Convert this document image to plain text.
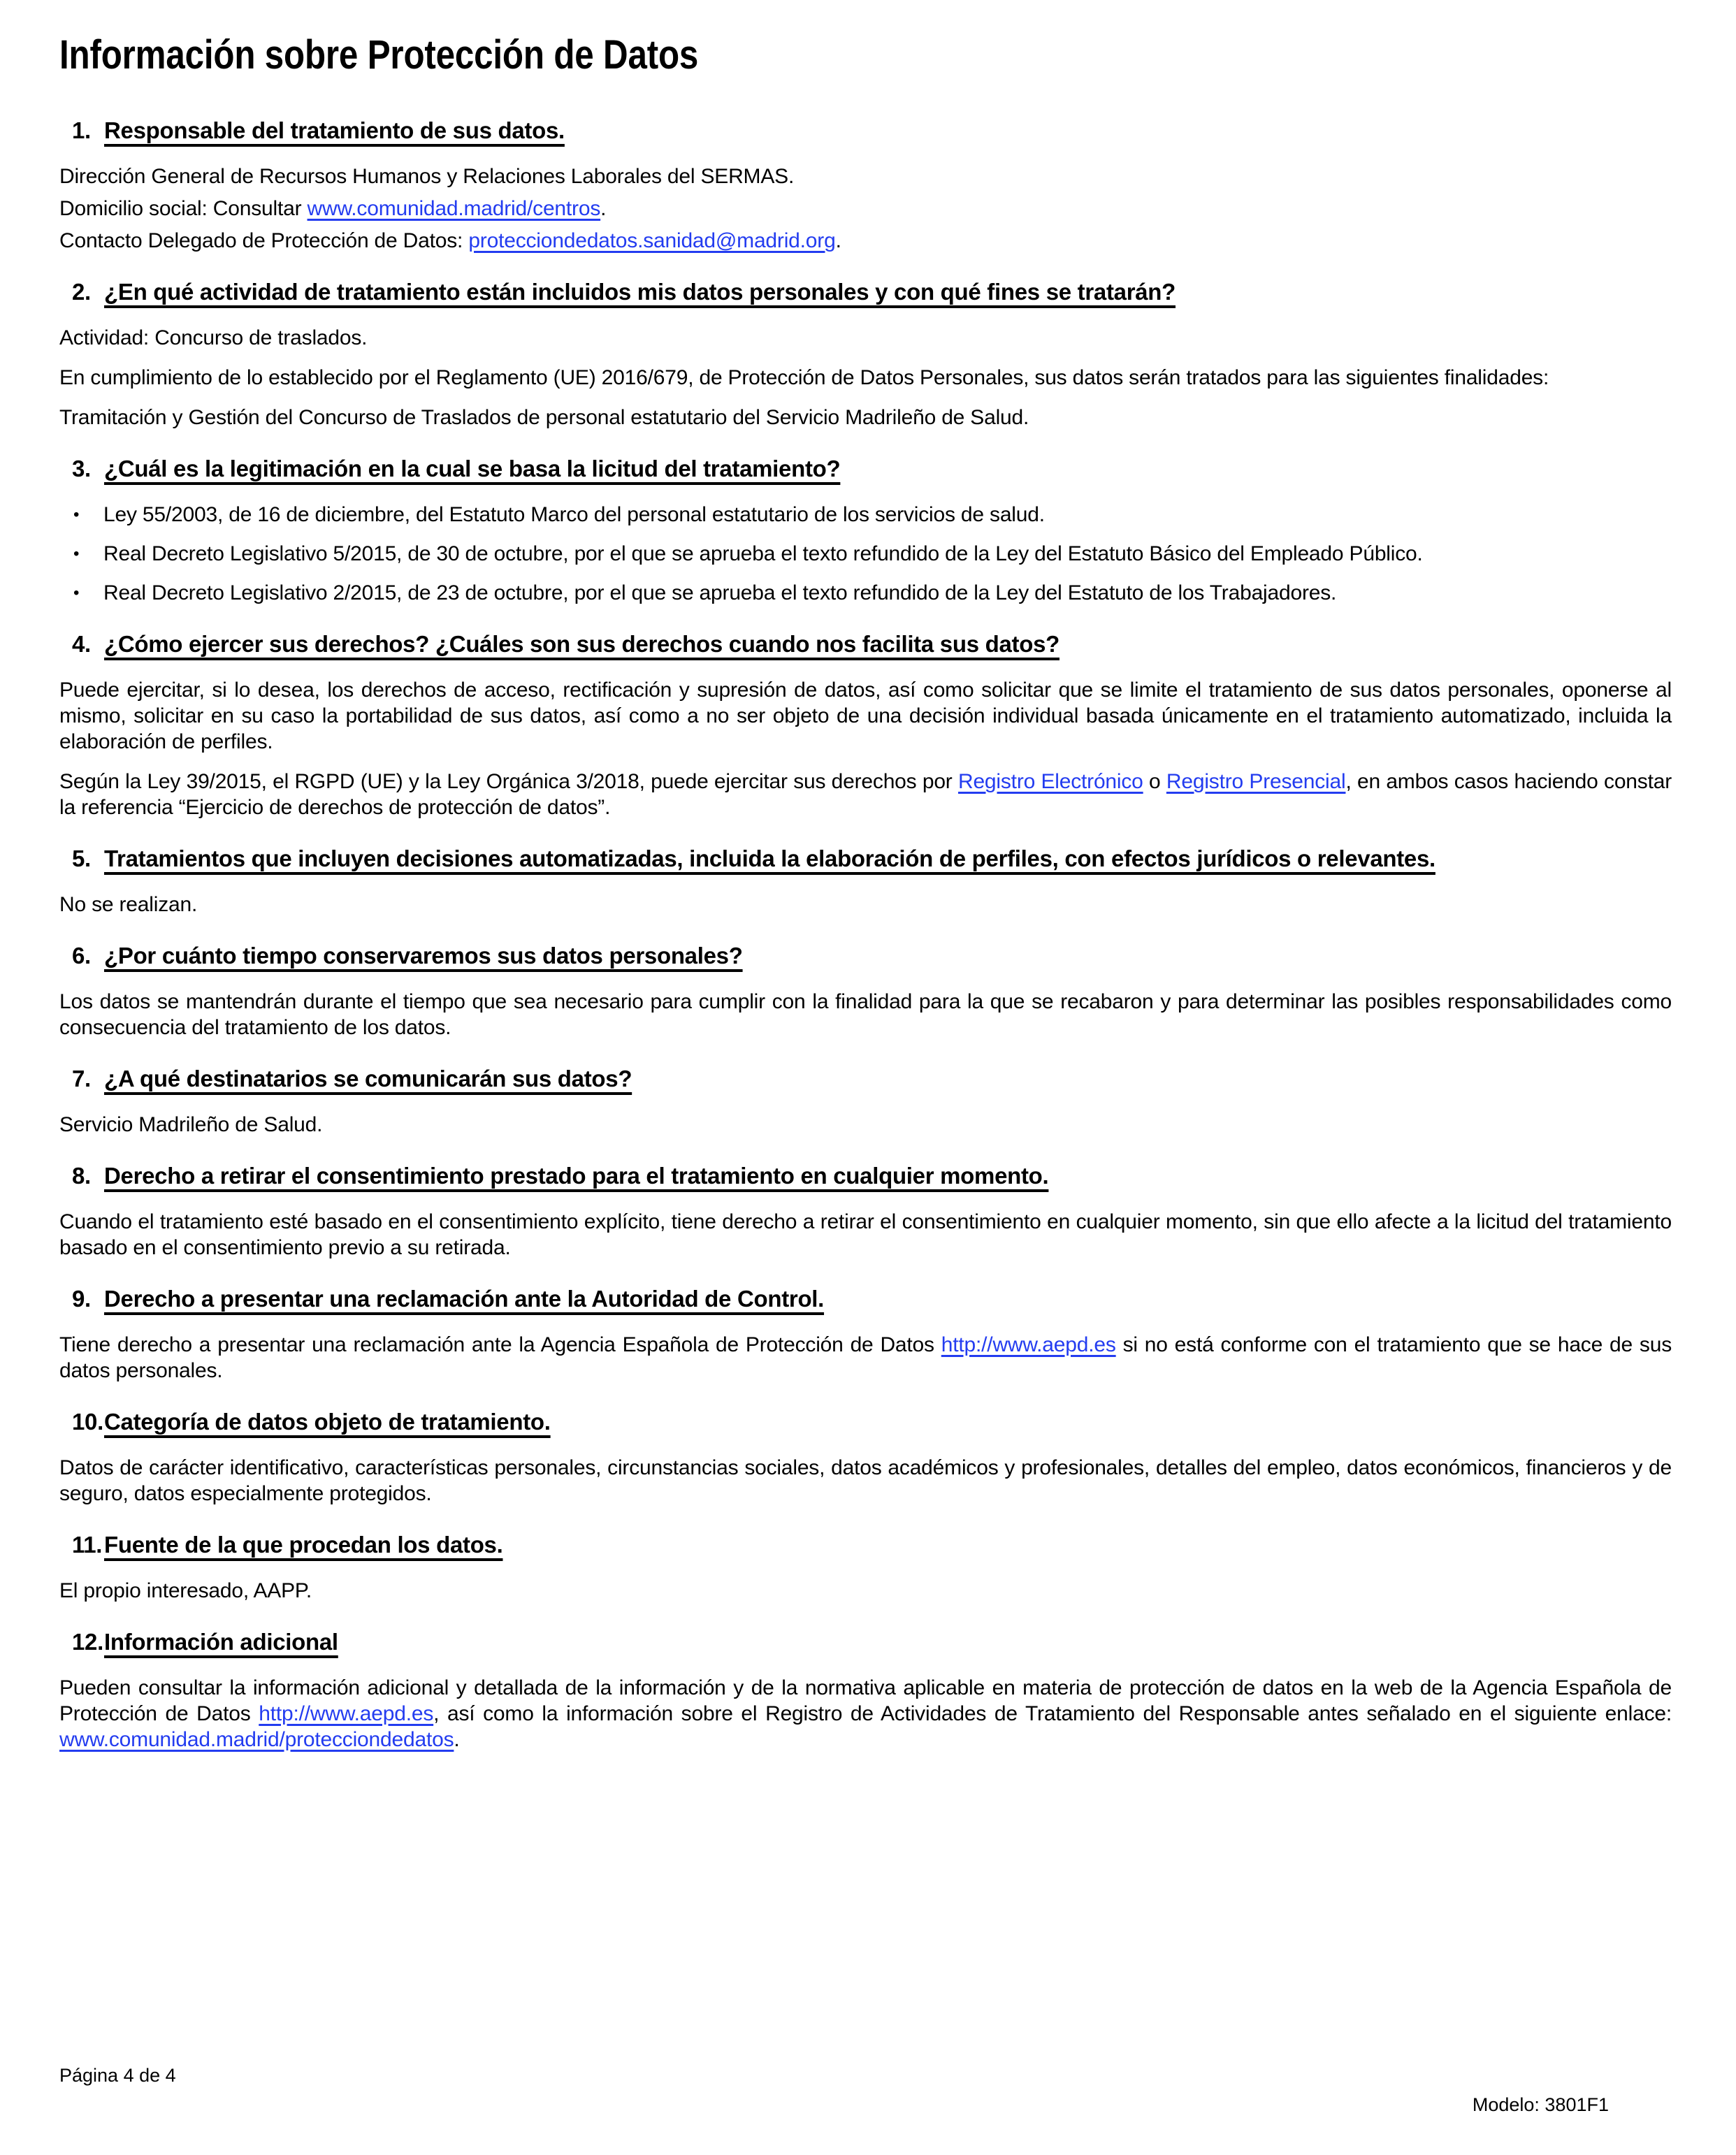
Información sobre Protección de Datos
1. Responsable del tratamiento de sus datos.

Dirección General de Recursos Humanos y Relaciones Laborales del SERMAS.

Domicilio social: Consultar www.comunidad.madrid/centros.

Contacto Delegado de Protección de Datos: protecciondedatos.sanidad@madrid.org.

2. ¿En qué actividad de tratamiento están incluidos mis datos personales y con qué fines se tratarán?

Actividad: Concurso de traslados.

En cumplimiento de lo establecido por el Reglamento (UE) 2016/679, de Protección de Datos Personales, sus datos serán tratados para las siguientes finalidades:

Tramitación y Gestión del Concurso de Traslados de personal estatutario del Servicio Madrileño de Salud.

3. ¿Cuál es la legitimación en la cual se basa la licitud del tratamiento?
•	Ley 55/2003, de 16 de diciembre, del Estatuto Marco del personal estatutario de los servicios de salud.
•	Real Decreto Legislativo 5/2015, de 30 de octubre, por el que se aprueba el texto refundido de la Ley del Estatuto Básico del Empleado Público.
•	Real Decreto Legislativo 2/2015, de 23 de octubre, por el que se aprueba el texto refundido de la Ley del Estatuto de los Trabajadores.
4. ¿Cómo ejercer sus derechos? ¿Cuáles son sus derechos cuando nos facilita sus datos?

Puede ejercitar, si lo desea, los derechos de acceso, rectificación y supresión de datos, así como solicitar que se limite el tratamiento de sus datos personales, oponerse al mismo, solicitar en su caso la portabilidad de sus datos, así como a no ser objeto de una decisión individual basada únicamente en el tratamiento automatizado, incluida la elaboración de perfiles.

Según la Ley 39/2015, el RGPD (UE) y la Ley Orgánica 3/2018, puede ejercitar sus derechos por Registro Electrónico o Registro Presencial, en ambos casos haciendo constar la referencia “Ejercicio de derechos de protección de datos”.

5. Tratamientos que incluyen decisiones automatizadas, incluida la elaboración de perfiles, con efectos jurídicos o relevantes.

No se realizan.

6. ¿Por cuánto tiempo conservaremos sus datos personales?

Los datos se mantendrán durante el tiempo que sea necesario para cumplir con la finalidad para la que se recabaron y para determinar las posibles responsabilidades como consecuencia del tratamiento de los datos.

7. ¿A qué destinatarios se comunicarán sus datos?

Servicio Madrileño de Salud.

8. Derecho a retirar el consentimiento prestado para el tratamiento en cualquier momento.

Cuando el tratamiento esté basado en el consentimiento explícito, tiene derecho a retirar el consentimiento en cualquier momento, sin que ello afecte a la licitud del tratamiento basado en el consentimiento previo a su retirada.

9. Derecho a presentar una reclamación ante la Autoridad de Control.

Tiene derecho a presentar una reclamación ante la Agencia Española de Protección de Datos http://www.aepd.es si no está conforme con el tratamiento que se hace de sus datos personales.

10. Categoría de datos objeto de tratamiento.

Datos de carácter identificativo, características personales, circunstancias sociales, datos académicos y profesionales, detalles del empleo, datos económicos, financieros y de seguro, datos especialmente protegidos.

11. Fuente de la que procedan los datos.

El propio interesado, AAPP.

12. Información adicional

Pueden consultar la información adicional y detallada de la información y de la normativa aplicable en materia de protección de datos en la web de la Agencia Española de Protección de Datos http://www.aepd.es, así como la información sobre el Registro de Actividades de Tratamiento del Responsable antes señalado en el siguiente enlace: www.comunidad.madrid/protecciondedatos.

Página 4 de 4
Modelo: 3801F1
